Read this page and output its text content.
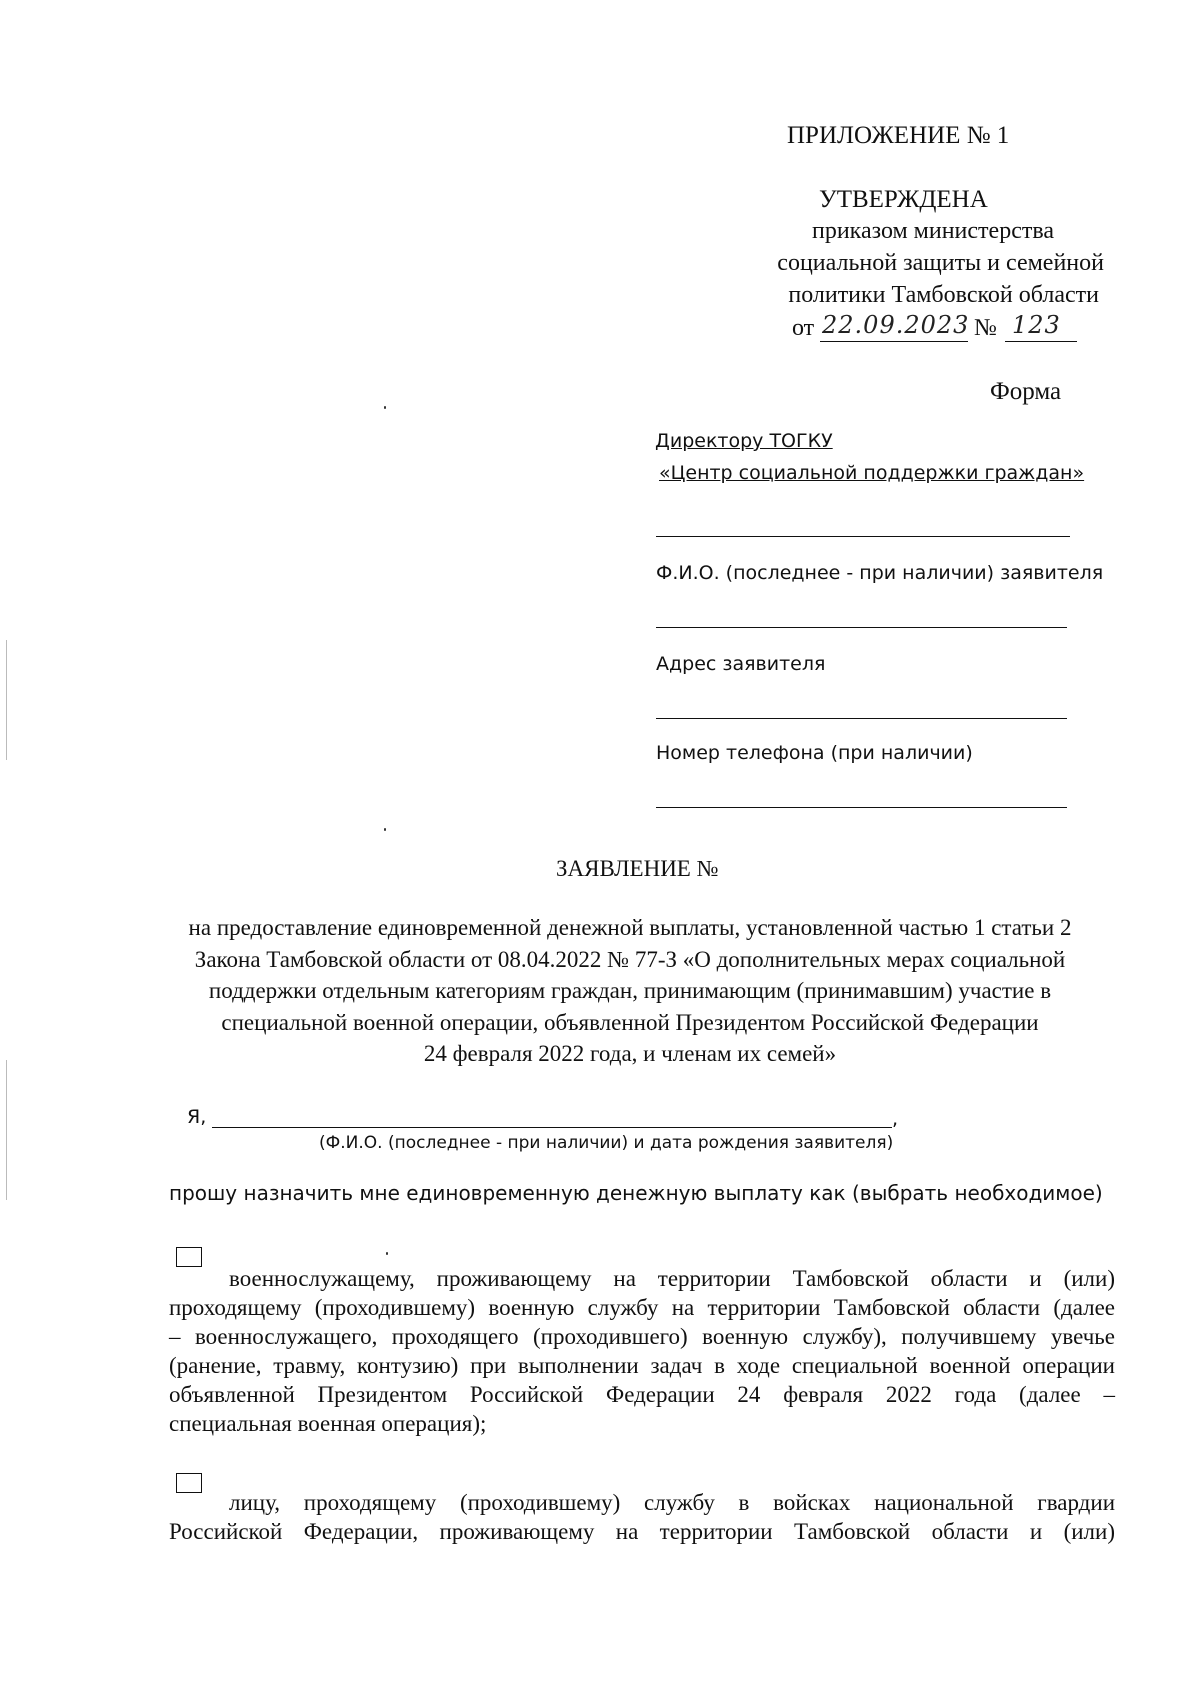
ПРИЛОЖЕНИЕ № 1
УТВЕРЖДЕНА
приказом министерства
социальной защиты и семейной
политики Тамбовской области
от 22.09.2023 № 123
Форма
Директору ТОГКУ
«Центр социальной поддержки граждан»
Ф.И.О. (последнее - при наличии) заявителя
Адрес заявителя
Номер телефона (при наличии)
ЗАЯВЛЕНИЕ №
на предоставление единовременной денежной выплаты, установленной частью 1 статьи 2
Закона Тамбовской области от 08.04.2022 № 77-З «О дополнительных мерах социальной
поддержки отдельным категориям граждан, принимающим (принимавшим) участие в
специальной военной операции, объявленной Президентом Российской Федерации
24 февраля 2022 года, и членам их семей»
Я,	,
(Ф.И.О. (последнее - при наличии) и дата рождения заявителя)
прошу назначить мне единовременную денежную выплату как (выбрать необходимое)
военнослужащему, проживающему на территории Тамбовской области и (или)
проходящему (проходившему) военную службу на территории Тамбовской области (далее
– военнослужащего, проходящего (проходившего) военную службу), получившему увечье
(ранение, травму, контузию) при выполнении задач в ходе специальной военной операции
объявленной Президентом Российской Федерации 24 февраля 2022 года (далее –
специальная военная операция);
лицу, проходящему (проходившему) службу в войсках национальной гвардии
Российской Федерации, проживающему на территории Тамбовской области и (или)
